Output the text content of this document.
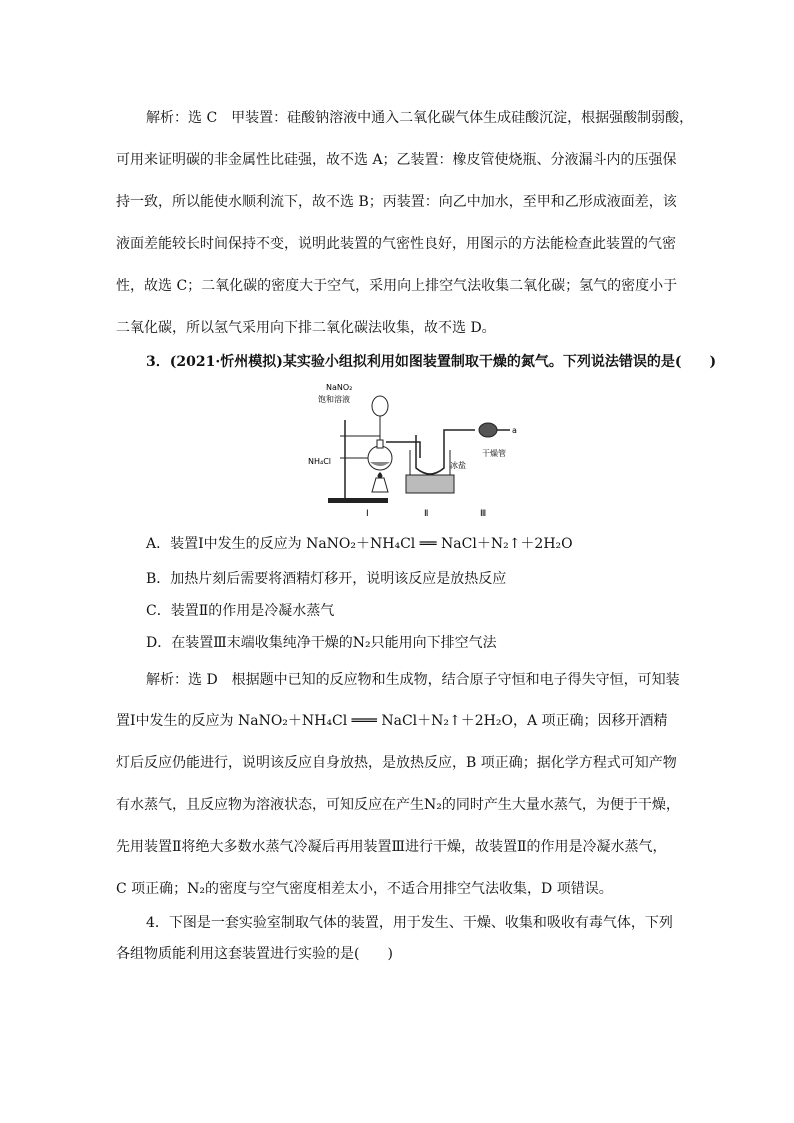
解析：选 C　甲装置：硅酸钠溶液中通入二氧化碳气体生成硅酸沉淀，根据强酸制弱酸，
可用来证明碳的非金属性比硅强，故不选 A；乙装置：橡皮管使烧瓶、分液漏斗内的压强保
持一致，所以能使水顺利流下，故不选 B；丙装置：向乙中加水，至甲和乙形成液面差，该
液面差能较长时间保持不变，说明此装置的气密性良好，用图示的方法能检查此装置的气密
性，故选 C；二氧化碳的密度大于空气，采用向上排空气法收集二氧化碳；氢气的密度小于
二氧化碳，所以氢气采用向下排二氧化碳法收集，故不选 D。
3．(2021·忻州模拟)某实验小组拟利用如图装置制取干燥的氮气。下列说法错误的是(　　)
NaNO₂
饱和溶液
NH₄Cl	冰盐
干燥管
a
Ⅰ	Ⅱ	Ⅲ
A．装置Ⅰ中发生的反应为 NaNO₂＋NH₄Cl ══ NaCl＋N₂↑＋2H₂O
B．加热片刻后需要将酒精灯移开，说明该反应是放热反应
C．装置Ⅱ的作用是冷凝水蒸气
D．在装置Ⅲ末端收集纯净干燥的N₂只能用向下排空气法
解析：选 D　根据题中已知的反应物和生成物，结合原子守恒和电子得失守恒，可知装
置Ⅰ中发生的反应为 NaNO₂＋NH₄Cl ═══ NaCl＋N₂↑＋2H₂O，A 项正确；因移开酒精
灯后反应仍能进行，说明该反应自身放热，是放热反应，B 项正确；据化学方程式可知产物
有水蒸气，且反应物为溶液状态，可知反应在产生N₂的同时产生大量水蒸气，为便于干燥，
先用装置Ⅱ将绝大多数水蒸气冷凝后再用装置Ⅲ进行干燥，故装置Ⅱ的作用是冷凝水蒸气，
C 项正确；N₂的密度与空气密度相差太小，不适合用排空气法收集，D 项错误。
4．下图是一套实验室制取气体的装置，用于发生、干燥、收集和吸收有毒气体，下列
各组物质能利用这套装置进行实验的是(　　)
